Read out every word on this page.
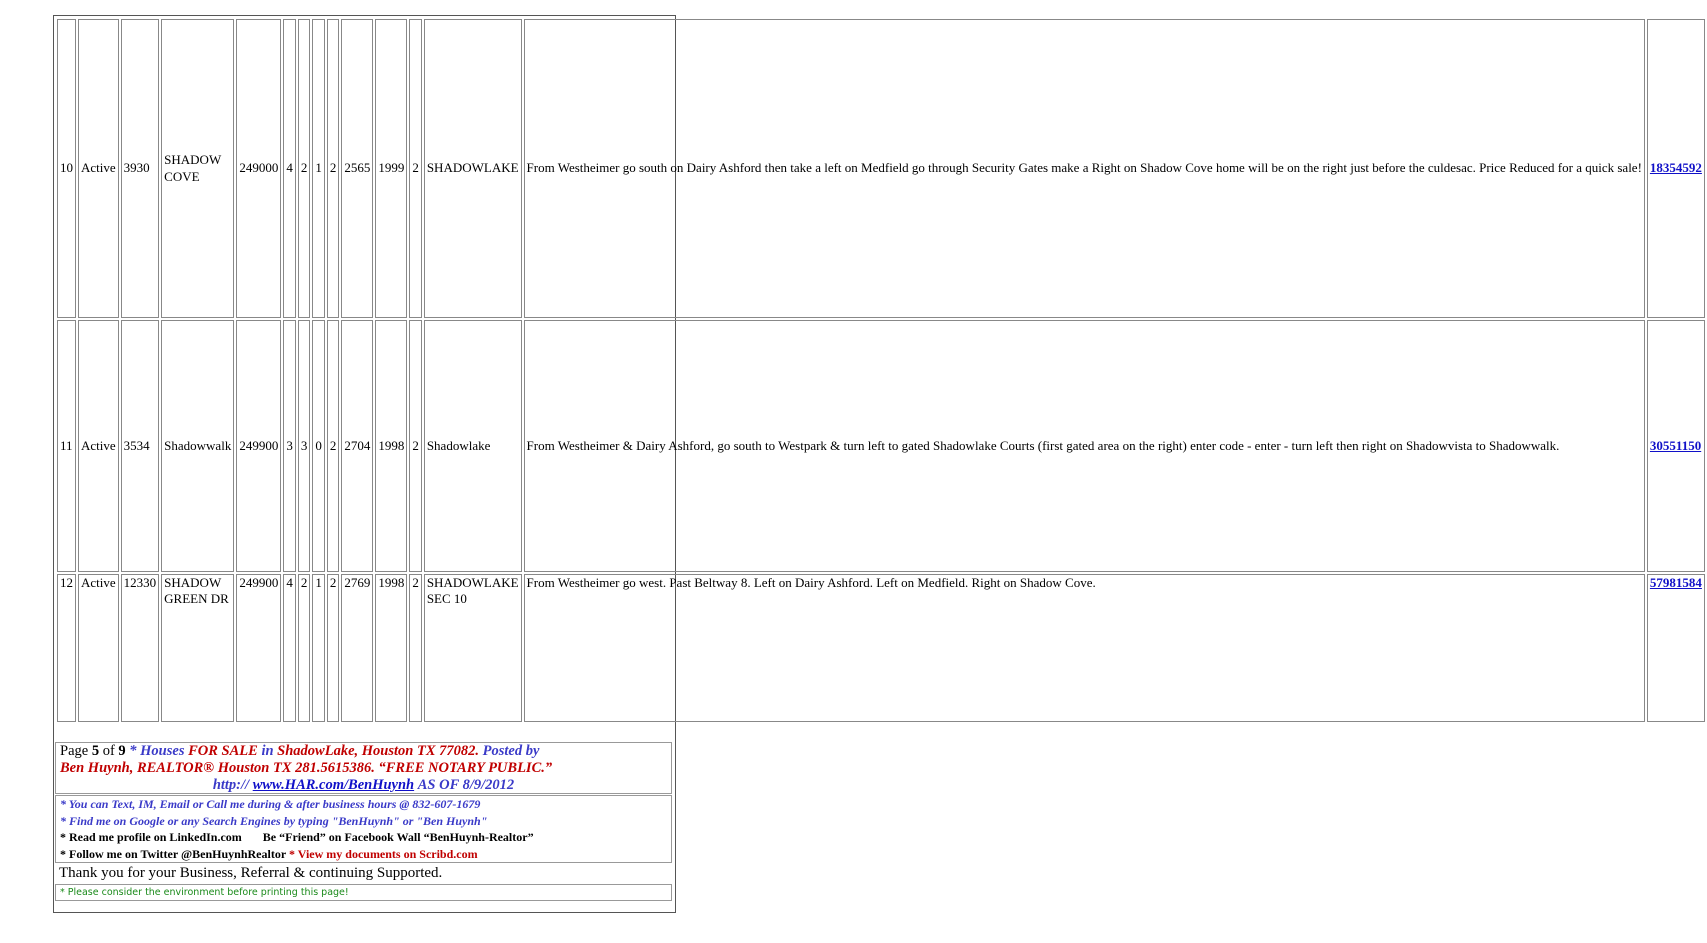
10	Active	3930	SHADOW COVE	249000	4	2	1	2	2565	1999	2	SHADOWLAKE	From Westheimer go south on Dairy Ashford then take a left on Medfield go through Security Gates make a Right on Shadow Cove home will be on the right just before the culdesac. Price Reduced for a quick sale!	18354592
11	Active	3534	Shadowwalk	249900	3	3	0	2	2704	1998	2	Shadowlake	From Westheimer & Dairy Ashford, go south to Westpark & turn left to gated Shadowlake Courts (first gated area on the right) enter code - enter - turn left then right on Shadowvista to Shadowwalk.	30551150
12	Active	12330	SHADOW GREEN DR	249900	4	2	1	2	2769	1998	2	SHADOWLAKE SEC 10	From Westheimer go west. Past Beltway 8. Left on Dairy Ashford. Left on Medfield. Right on Shadow Cove.	57981584
Page 5 of 9 * Houses FOR SALE in ShadowLake, Houston TX 77082. Posted by
Ben Huynh, REALTOR® Houston TX 281.5615386. “FREE NOTARY PUBLIC.”
http:// www.HAR.com/BenHuynh AS OF 8/9/2012
* You can Text, IM, Email or Call me during & after business hours @ 832-607-1679
* Find me on Google or any Search Engines by typing "BenHuynh" or "Ben Huynh"
* Read me profile on LinkedIn.com Be “Friend” on Facebook Wall “BenHuynh-Realtor”
* Follow me on Twitter @BenHuynhRealtor * View my documents on Scribd.com
Thank you for your Business, Referral & continuing Supported.
* Please consider the environment before printing this page!
